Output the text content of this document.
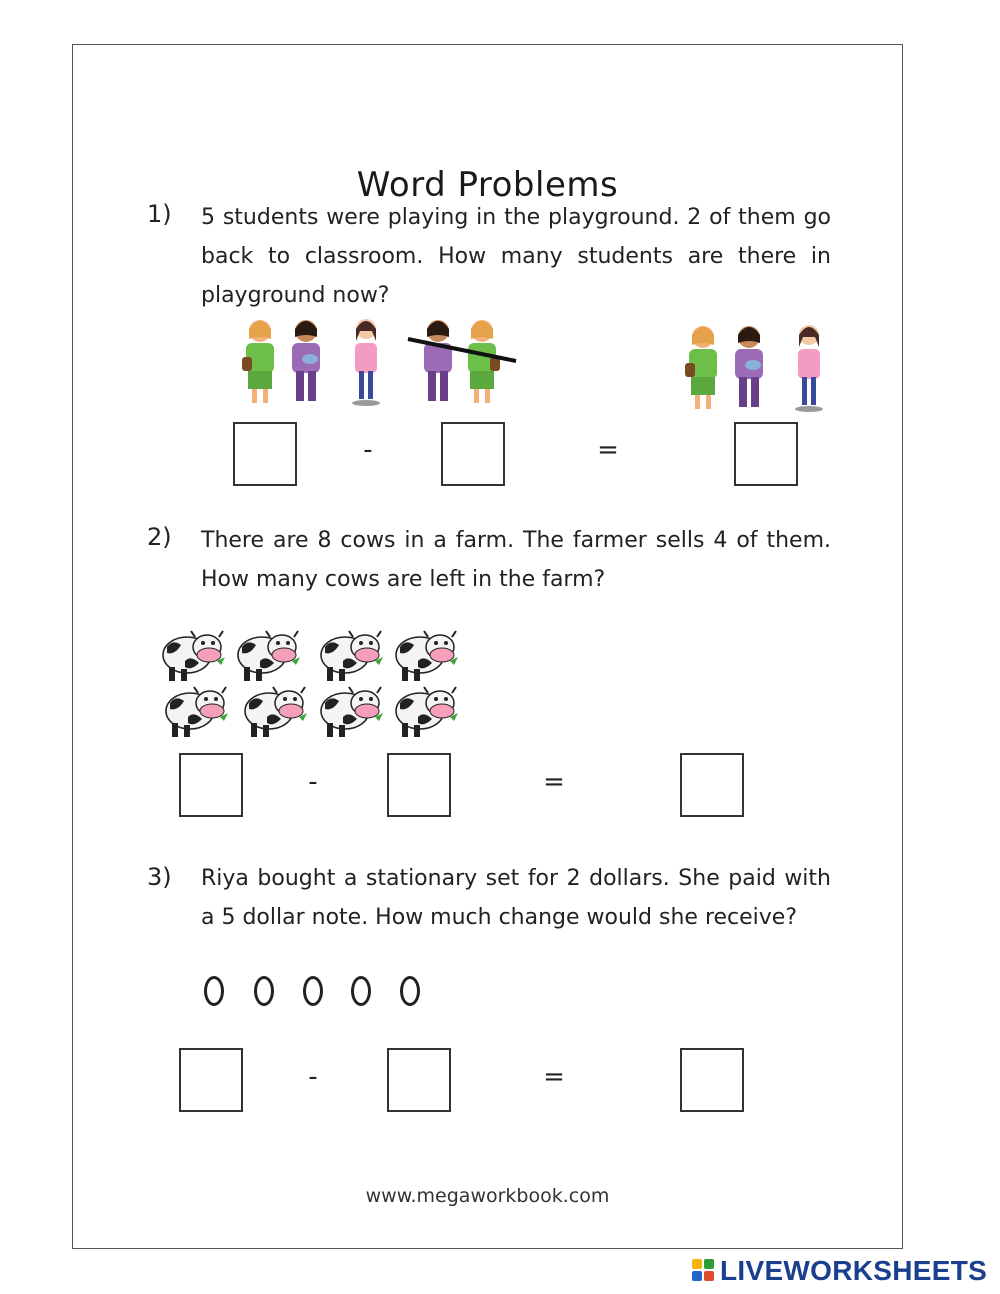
Word Problems
1) 5 students were playing in the playground. 2 of them go back to classroom. How many students are there in playground now?
-	=
2) There are 8 cows in a farm. The farmer sells 4 of them. How many cows are left in the farm?
-	=
3) Riya bought a stationary set for 2 dollars. She paid with a 5 dollar note. How much change would she receive?
-	=
www.megaworkbook.com
LIVEWORKSHEETS
